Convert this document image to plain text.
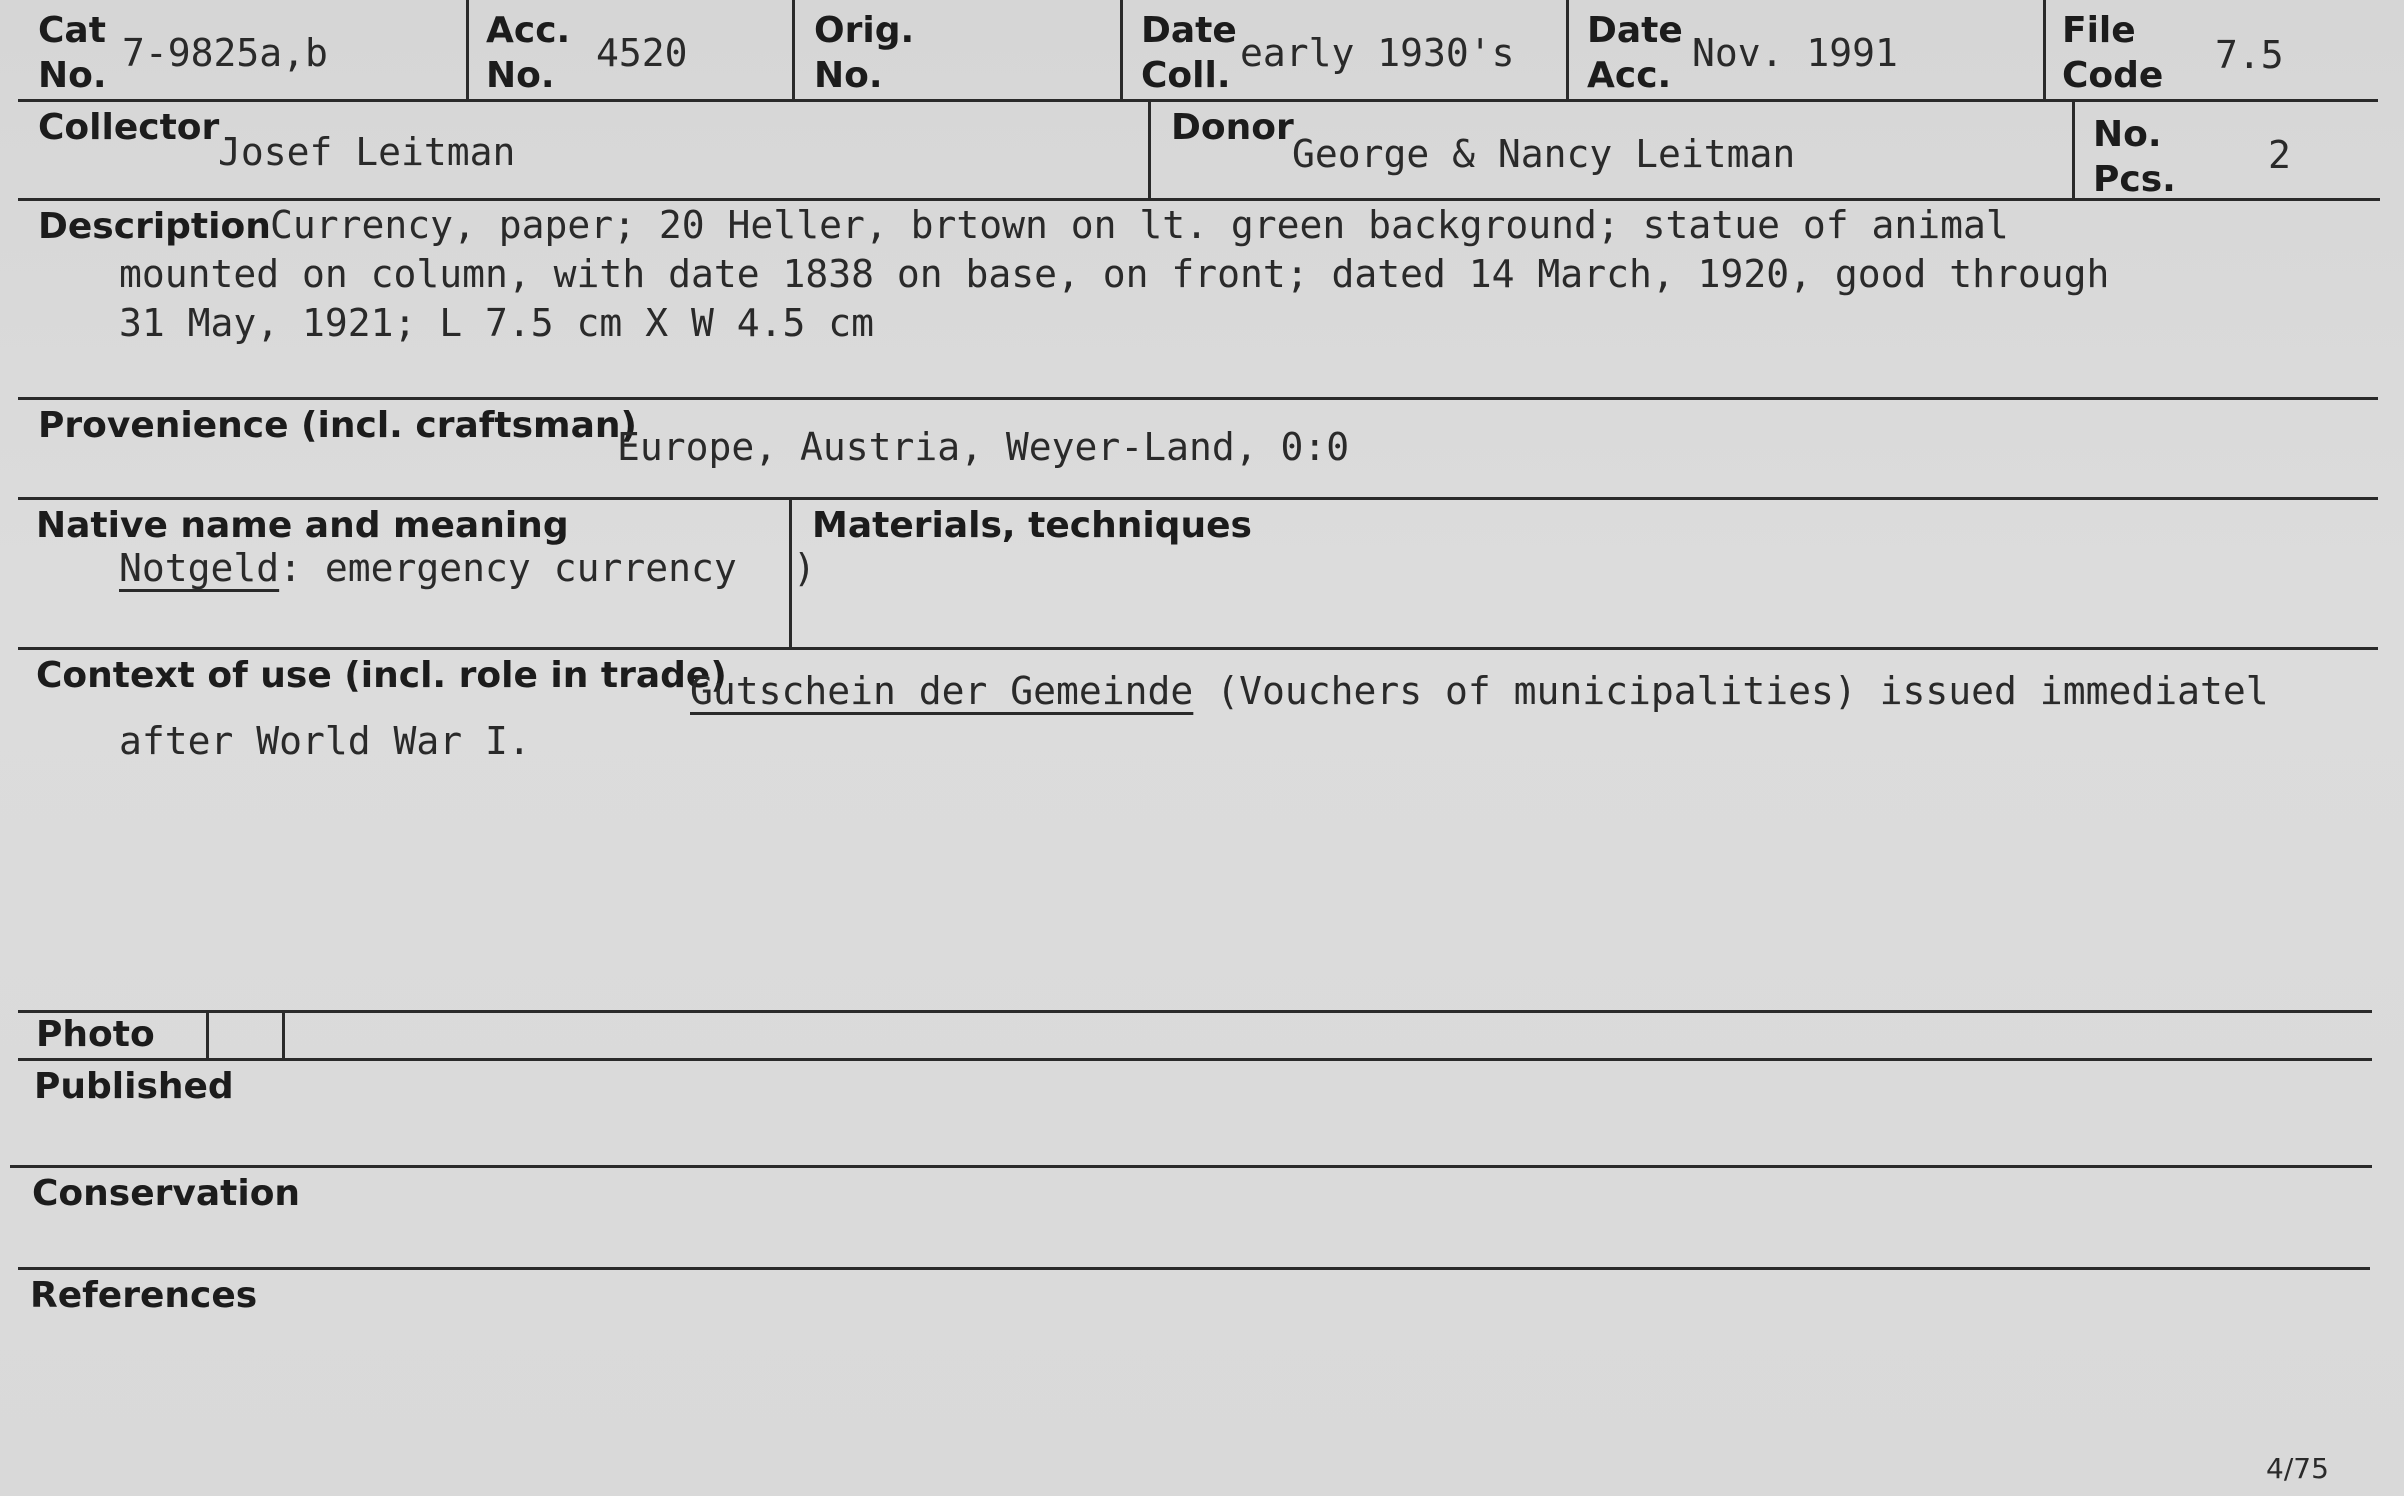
Cat
No.
7-9825a,b
Acc.
No.
4520
Orig.
No.
Date
Coll.
early 1930's
Date
Acc.
Nov. 1991
File
Code 7.5
Collector
Josef Leitman
Donor
George & Nancy Leitman	No.
Pcs.
2
Description Currency, paper; 20 Heller, brtown on lt. green background; statue of animal
mounted on column, with date 1838 on base, on front; dated 14 March, 1920, good through
31 May, 1921; L 7.5 cm X W 4.5 cm
Provenience (incl. craftsman)
Europe, Austria, Weyer-Land, 0:0
Native name and meaning
Notgeld: emergency currency
Materials, techniques
)
Context of use (incl. role in trade)
Gutschein der Gemeinde (Vouchers of municipalities) issued immediatel
after World War I.
Photo
Published
Conservation
References
4/75
